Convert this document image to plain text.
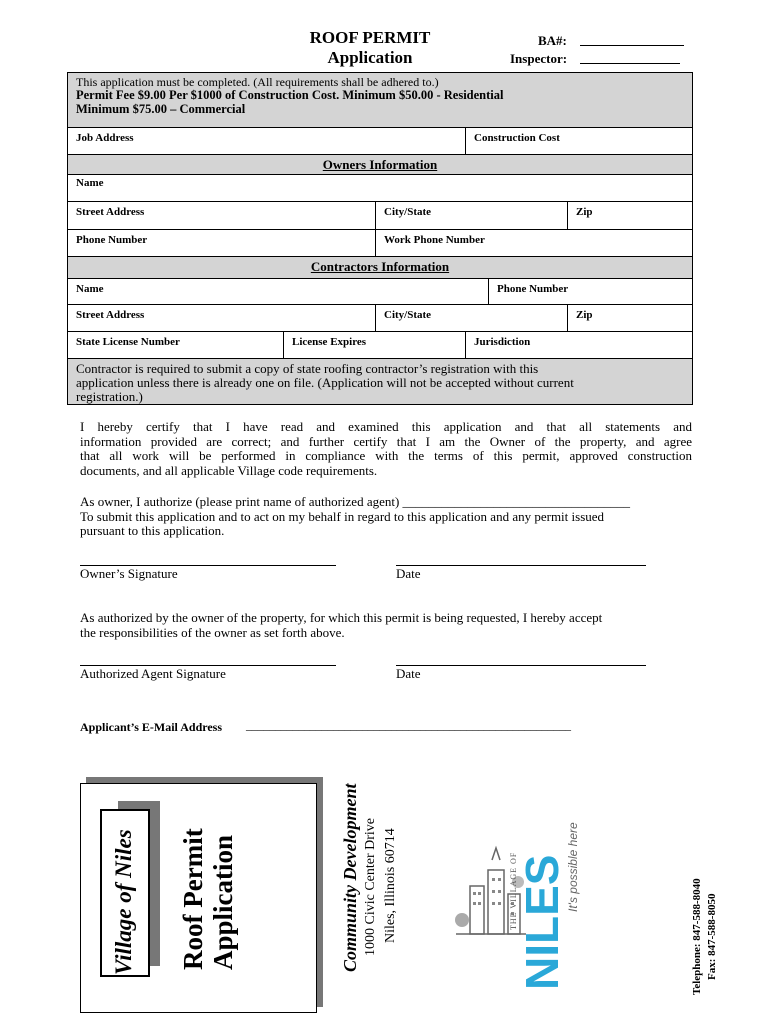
ROOF PERMIT
Application
BA#:
Inspector:
This application must be completed. (All requirements shall be adhered to.)
Permit Fee $9.00 Per $1000 of Construction Cost. Minimum $50.00 - Residential
Minimum $75.00 – Commercial
Job Address	Construction Cost
Owners Information
Name
Street Address	City/State	Zip
Phone Number	Work Phone Number
Contractors Information
Name	Phone Number
Street Address	City/State	Zip
State License Number	License Expires	Jurisdiction
Contractor is required to submit a copy of state roofing contractor’s registration with this
application unless there is already one on file. (Application will not be accepted without current
registration.)
I hereby certify that I have read and examined this application and that all statements and
information provided are correct; and further certify that I am the Owner of the property, and agree
that all work will be performed in compliance with the terms of this permit, approved construction
documents, and all applicable Village code requirements.
As owner, I authorize (please print name of authorized agent) ___________________________________
To submit this application and to act on my behalf in regard to this application and any permit issued
pursuant to this application.
Owner’s Signature	Date
As authorized by the owner of the property, for which this permit is being requested, I hereby accept
the responsibilities of the owner as set forth above.
Authorized Agent Signature	Date
Applicant’s E-Mail Address ________________________________________________________
Village of Niles Roof Permit Application	Community Development 1000 Civic Center Drive Niles, Illinois 60714	THE VILLAGE OF
NILES
It's possible here
Telephone: 847-588-8040 Fax: 847-588-8050
